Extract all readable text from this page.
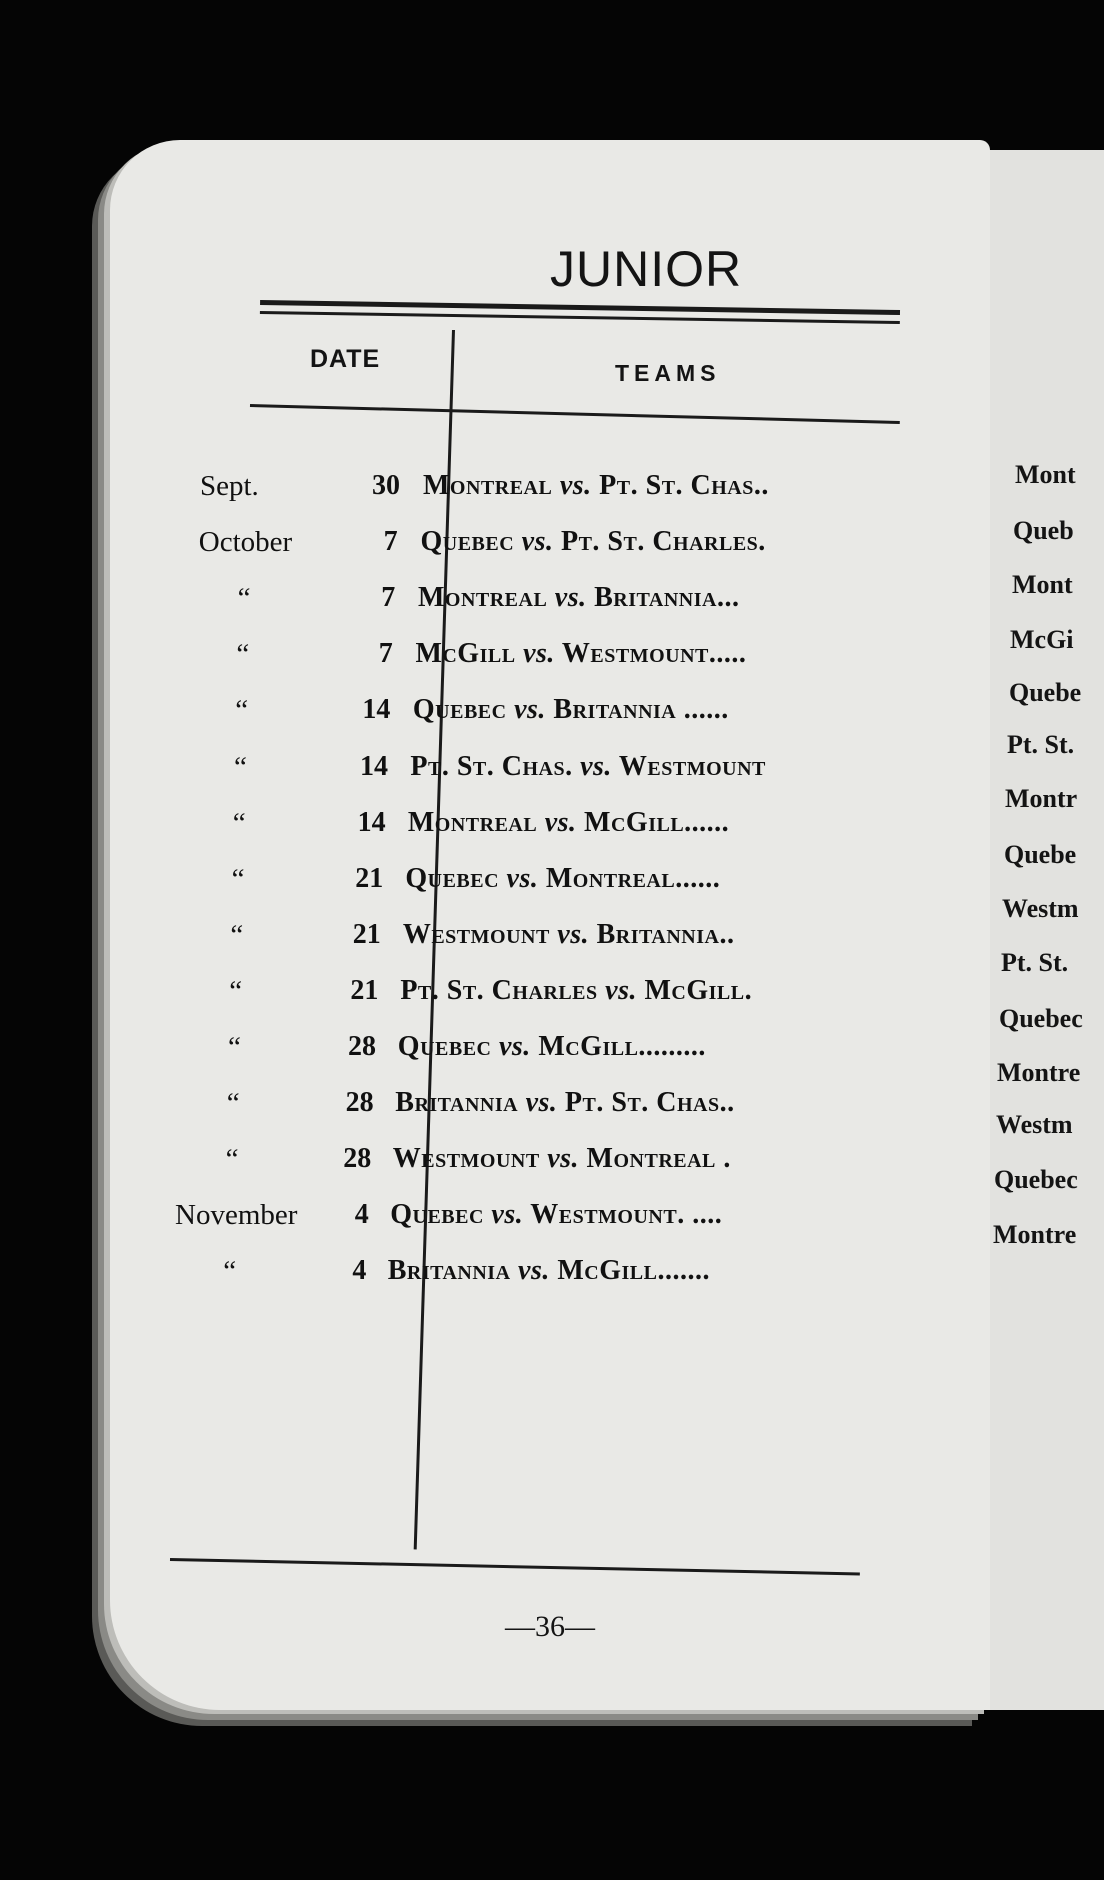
Mont
Queb
Mont
McGi
Quebe
Pt. St.
Montr
Quebe
Westm
Pt. St.
Quebec
Montre
Westm
Quebec
Montre
JUNIOR
DATE	TEAMS
Sept.	30 Montreal vs. Pt. St. Chas..
October	7 Quebec vs. Pt. St. Charles.
“	7 Montreal vs. Britannia...
“	7 McGill vs. Westmount.....
“	14 Quebec vs. Britannia ......
“	14 Pt. St. Chas. vs. Westmount
“	14 Montreal vs. McGill......
“	21 Quebec vs. Montreal......
“	21 Westmount vs. Britannia..
“	21 Pt. St. Charles vs. McGill.
“	28 Quebec vs. McGill.........
“	28 Britannia vs. Pt. St. Chas..
“	28 Westmount vs. Montreal .
November	4 Quebec vs. Westmount. ....
“	4 Britannia vs. McGill.......
—36—
